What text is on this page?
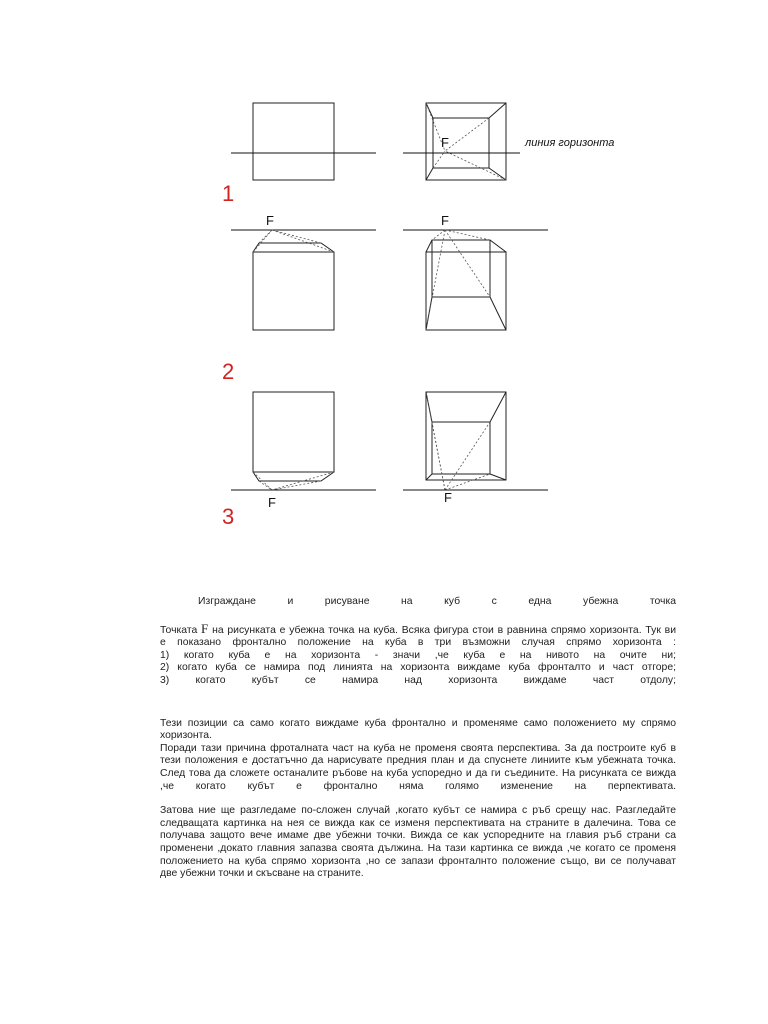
F	линия горизонта
1
F	F
2
F	F
3

Изграждане и рисуване на куб с една убежна точка

Точката F на рисунката е убежна точка на куба. Всяка фигура стои в равнина спрямо хоризонта. Тук ви

е показано фронтално положение на куба в три възможни случая спрямо хоризонта :

1) когато куба е на хоризонта - значи ,че куба е на нивото на очите ни;

2) когато куба се намира под линията на хоризонта виждаме куба фронталто и част отгоре;

3) когато кубът се намира над хоризонта виждаме част отдолу;

Тези позиции са само когато виждаме куба фронтално и променяме само положението му спрямо

хоризонта.

Поради тази причина фроталната част на куба не променя своята перспектива. За да построите куб в

тези положения е достатъчно да нарисувате предния план и да спуснете линиите към убежната точка.

След това да сложете останалите ръбове на куба успоредно и да ги съедините. На рисунката се вижда

,че когато кубът е фронтално няма голямо изменение на перпективата.

Затова ние ще разгледаме по-сложен случай ,когато кубът се намира с ръб срещу нас. Разгледайте

следващата картинка на нея се вижда как се изменя перспективата на страните в далечина. Това се

получава защото вече имаме две убежни точки. Вижда се как успоредните на главия ръб страни са

променени ,докато главния запазва своята дължина. На тази картинка се вижда ,че когато се променя

положението на куба спрямо хоризонта ,но се запази фронталнто положение също, ви се получават

две убежни точки и скъсване на страните.
